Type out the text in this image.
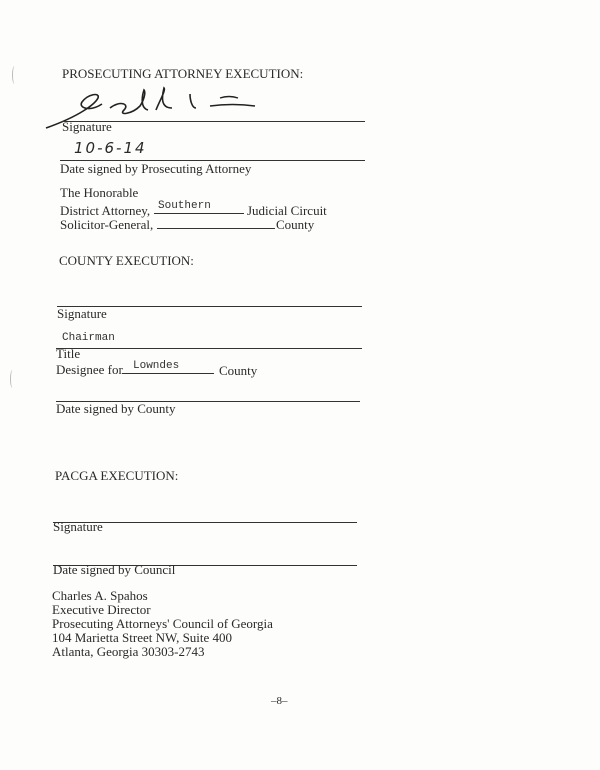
PROSECUTING ATTORNEY EXECUTION:
Signature
10-6-14
Date signed by Prosecuting Attorney
The Honorable
District Attorney, Southern	Judicial Circuit
Solicitor-General,	County
COUNTY EXECUTION:
Signature
Chairman
Title
Designee for Lowndes	County
Date signed by County
PACGA EXECUTION:
Signature
Date signed by Council
Charles A. Spahos
Executive Director
Prosecuting Attorneys' Council of Georgia
104 Marietta Street NW, Suite 400
Atlanta, Georgia 30303-2743
–8–
